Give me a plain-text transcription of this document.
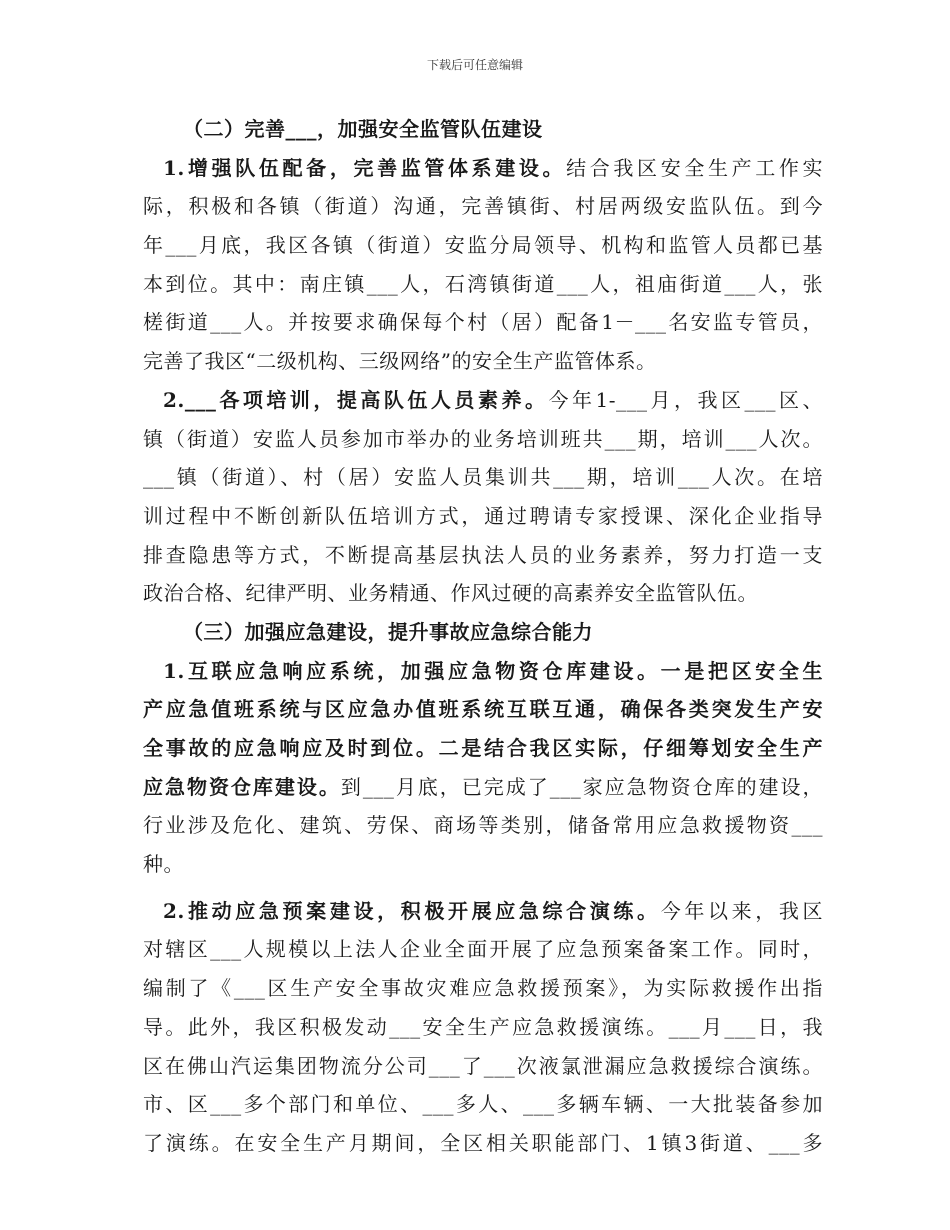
下载后可任意编辑
（二）完善___，加强安全监管队伍建设
1.增强队伍配备，完善监管体系建设。结合我区安全生产工作实
际，积极和各镇（街道）沟通，完善镇街、村居两级安监队伍。到今
年___月底，我区各镇（街道）安监分局领导、机构和监管人员都已基
本到位。其中：南庄镇___人，石湾镇街道___人，祖庙街道___人，张
槎街道___人。并按要求确保每个村（居）配备1－___名安监专管员，
完善了我区“二级机构、三级网络”的安全生产监管体系。
2.___各项培训，提高队伍人员素养。今年1-___月，我区___区、
镇（街道）安监人员参加市举办的业务培训班共___期，培训___人次。
___镇（街道）、村（居）安监人员集训共___期，培训___人次。在培
训过程中不断创新队伍培训方式，通过聘请专家授课、深化企业指导
排查隐患等方式，不断提高基层执法人员的业务素养，努力打造一支
政治合格、纪律严明、业务精通、作风过硬的高素养安全监管队伍。
（三）加强应急建设，提升事故应急综合能力
1.互联应急响应系统，加强应急物资仓库建设。一是把区安全生
产应急值班系统与区应急办值班系统互联互通，确保各类突发生产安
全事故的应急响应及时到位。二是结合我区实际，仔细筹划安全生产
应急物资仓库建设。到___月底，已完成了___家应急物资仓库的建设，
行业涉及危化、建筑、劳保、商场等类别，储备常用应急救援物资___
种。
2.推动应急预案建设，积极开展应急综合演练。今年以来，我区
对辖区___人规模以上法人企业全面开展了应急预案备案工作。同时，
编制了《___区生产安全事故灾难应急救援预案》，为实际救援作出指
导。此外，我区积极发动___安全生产应急救援演练。___月___日，我
区在佛山汽运集团物流分公司___了___次液氯泄漏应急救援综合演练。
市、区___多个部门和单位、___多人、___多辆车辆、一大批装备参加
了演练。在安全生产月期间，全区相关职能部门、1镇3街道、___多
